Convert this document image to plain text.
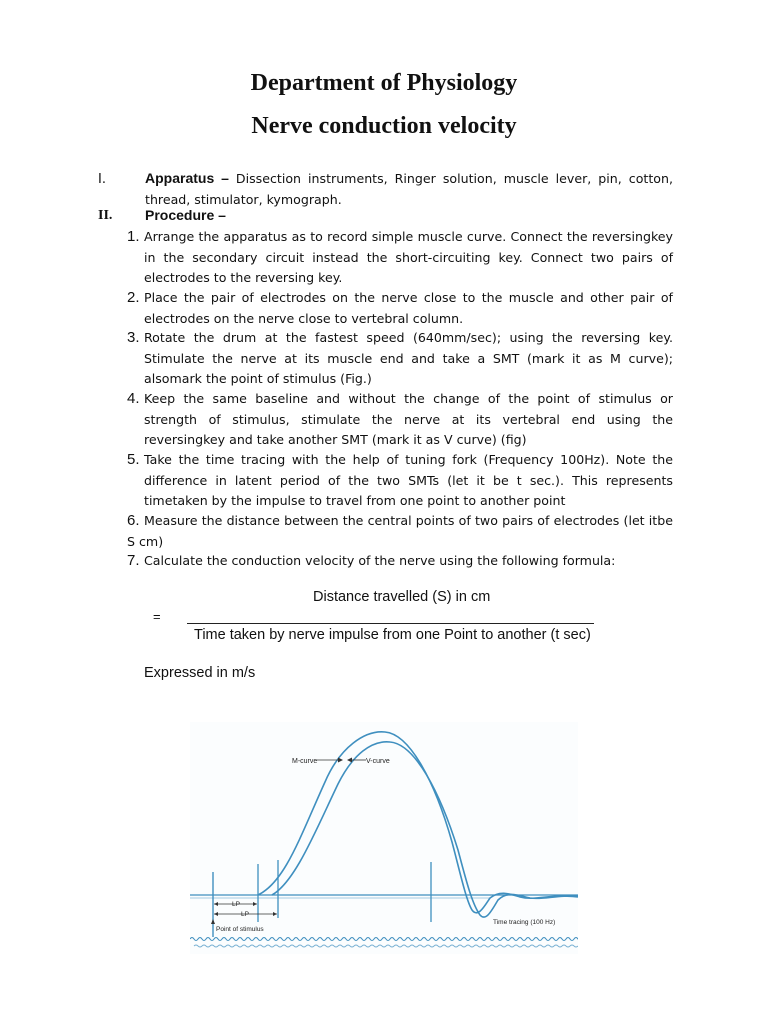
Department of Physiology
Nerve conduction velocity
I.	Apparatus – Dissection instruments, Ringer solution, muscle lever, pin, cotton, thread, stimulator, kymograph.
II. Procedure –
1. Arrange the apparatus as to record simple muscle curve. Connect the reversingkey in the secondary circuit instead the short-circuiting key. Connect two pairs of electrodes to the reversing key.
2. Place the pair of electrodes on the nerve close to the muscle and other pair of electrodes on the nerve close to vertebral column.
3. Rotate the drum at the fastest speed (640mm/sec); using the reversing key. Stimulate the nerve at its muscle end and take a SMT (mark it as M curve); alsomark the point of stimulus (Fig.)
4. Keep the same baseline and without the change of the point of stimulus or strength of stimulus, stimulate the nerve at its vertebral end using the reversingkey and take another SMT (mark it as V curve) (fig)
5. Take the time tracing with the help of tuning fork (Frequency 100Hz). Note the difference in latent period of the two SMTs (let it be t sec.). This represents timetaken by the impulse to travel from one point to another point
6. Measure the distance between the central points of two pairs of electrodes (let itbe S cm)
7. Calculate the conduction velocity of the nerve using the following formula:
Distance travelled (S) in cm
=
Time taken by nerve impulse from one Point to another (t sec)
Expressed in m/s
M-curve	V-curve
LP
LP
Point of stimulus
Time tracing (100 Hz)
